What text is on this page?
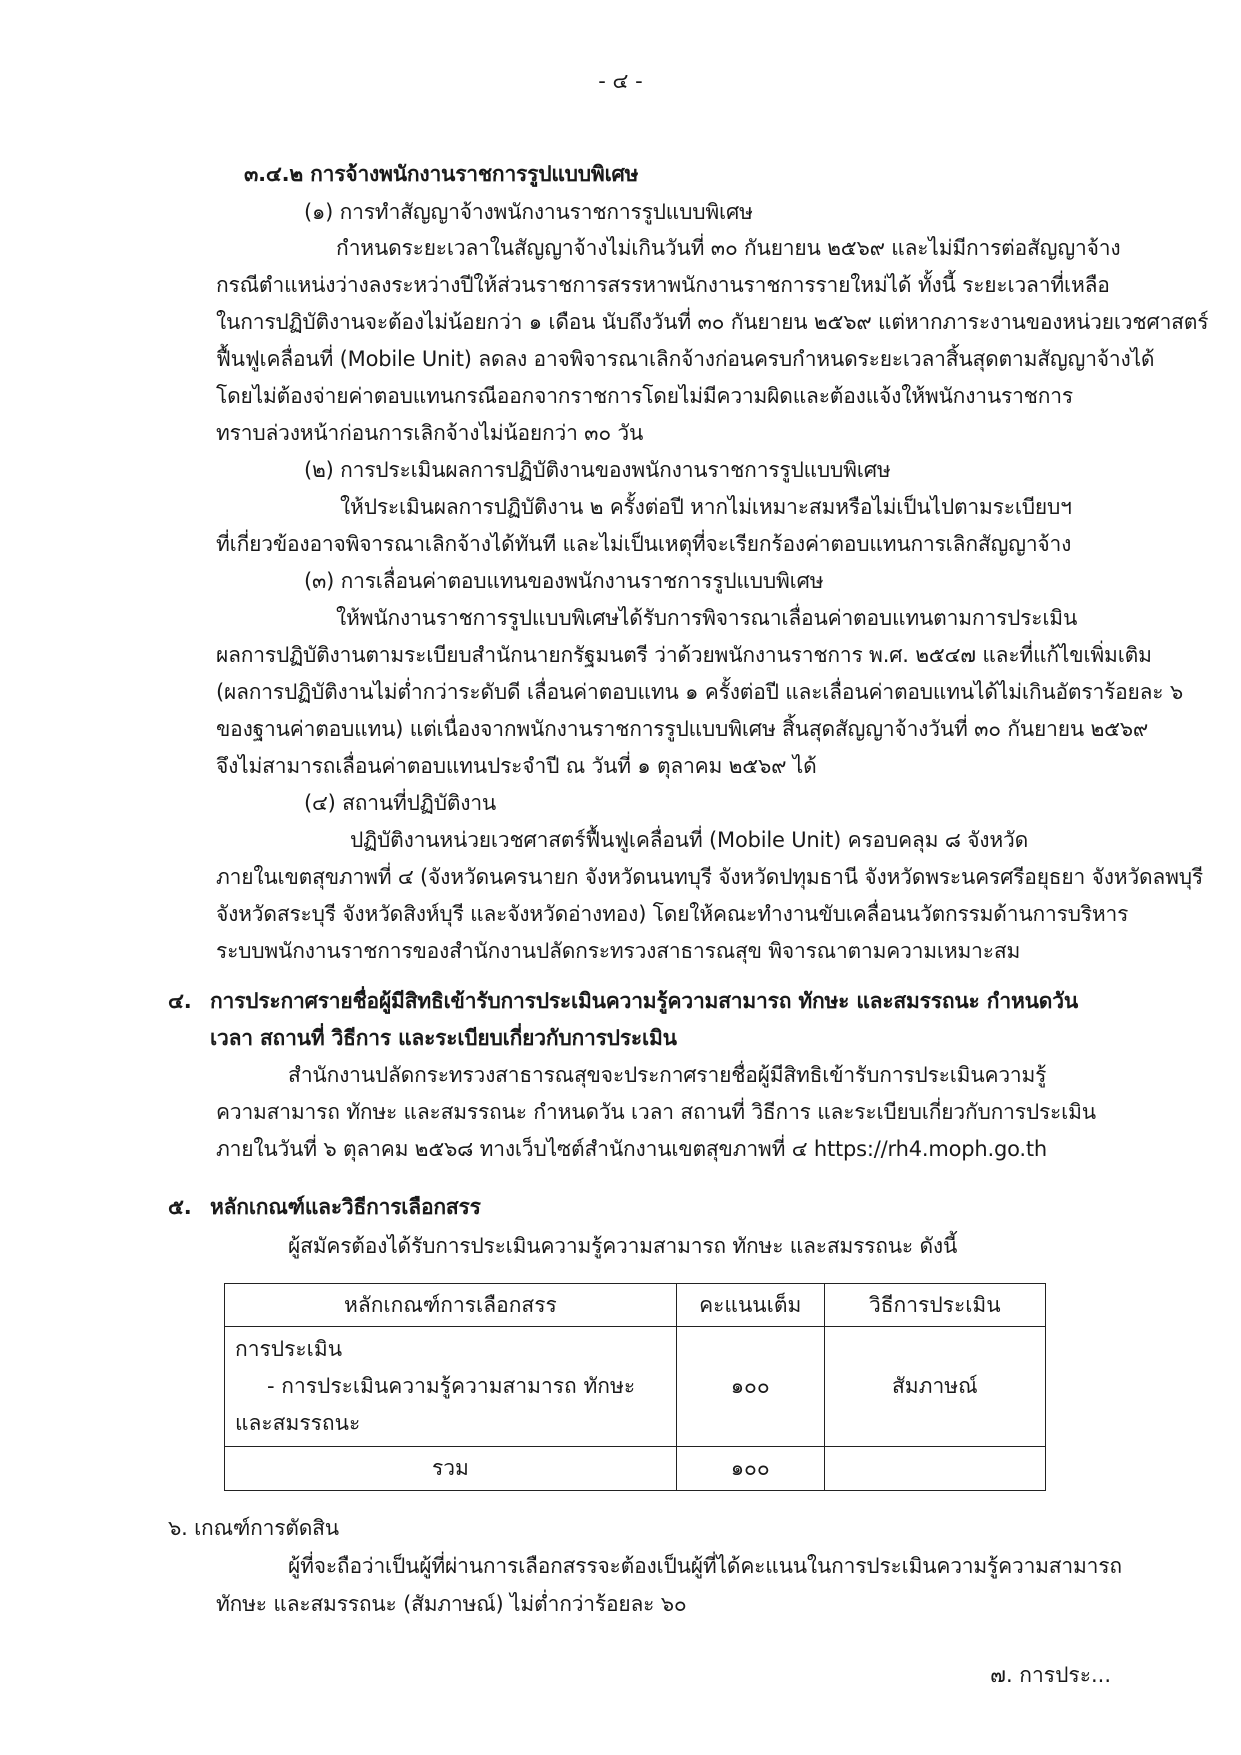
- ๔ -

๓.๔.๒ การจ้างพนักงานราชการรูปแบบพิเศษ

(๑) การทำสัญญาจ้างพนักงานราชการรูปแบบพิเศษ

กำหนดระยะเวลาในสัญญาจ้างไม่เกินวันที่ ๓๐ กันยายน ๒๕๖๙ และไม่มีการต่อสัญญาจ้าง

กรณีตำแหน่งว่างลงระหว่างปีให้ส่วนราชการสรรหาพนักงานราชการรายใหม่ได้ ทั้งนี้ ระยะเวลาที่เหลือ

ในการปฏิบัติงานจะต้องไม่น้อยกว่า ๑ เดือน นับถึงวันที่ ๓๐ กันยายน ๒๕๖๙ แต่หากภาระงานของหน่วยเวชศาสตร์

ฟื้นฟูเคลื่อนที่ (Mobile Unit) ลดลง อาจพิจารณาเลิกจ้างก่อนครบกำหนดระยะเวลาสิ้นสุดตามสัญญาจ้างได้

โดยไม่ต้องจ่ายค่าตอบแทนกรณีออกจากราชการโดยไม่มีความผิดและต้องแจ้งให้พนักงานราชการ

ทราบล่วงหน้าก่อนการเลิกจ้างไม่น้อยกว่า ๓๐ วัน

(๒) การประเมินผลการปฏิบัติงานของพนักงานราชการรูปแบบพิเศษ

ให้ประเมินผลการปฏิบัติงาน ๒ ครั้งต่อปี หากไม่เหมาะสมหรือไม่เป็นไปตามระเบียบฯ

ที่เกี่ยวข้องอาจพิจารณาเลิกจ้างได้ทันที และไม่เป็นเหตุที่จะเรียกร้องค่าตอบแทนการเลิกสัญญาจ้าง

(๓) การเลื่อนค่าตอบแทนของพนักงานราชการรูปแบบพิเศษ

ให้พนักงานราชการรูปแบบพิเศษได้รับการพิจารณาเลื่อนค่าตอบแทนตามการประเมิน

ผลการปฏิบัติงานตามระเบียบสำนักนายกรัฐมนตรี ว่าด้วยพนักงานราชการ พ.ศ. ๒๕๔๗ และที่แก้ไขเพิ่มเติม

(ผลการปฏิบัติงานไม่ต่ำกว่าระดับดี เลื่อนค่าตอบแทน ๑ ครั้งต่อปี และเลื่อนค่าตอบแทนได้ไม่เกินอัตราร้อยละ ๖

ของฐานค่าตอบแทน) แต่เนื่องจากพนักงานราชการรูปแบบพิเศษ สิ้นสุดสัญญาจ้างวันที่ ๓๐ กันยายน ๒๕๖๙

จึงไม่สามารถเลื่อนค่าตอบแทนประจำปี ณ วันที่ ๑ ตุลาคม ๒๕๖๙ ได้

(๔) สถานที่ปฏิบัติงาน

ปฏิบัติงานหน่วยเวชศาสตร์ฟื้นฟูเคลื่อนที่ (Mobile Unit) ครอบคลุม ๘ จังหวัด

ภายในเขตสุขภาพที่ ๔ (จังหวัดนครนายก จังหวัดนนทบุรี จังหวัดปทุมธานี จังหวัดพระนครศรีอยุธยา จังหวัดลพบุรี

จังหวัดสระบุรี จังหวัดสิงห์บุรี และจังหวัดอ่างทอง) โดยให้คณะทำงานขับเคลื่อนนวัตกรรมด้านการบริหาร

ระบบพนักงานราชการของสำนักงานปลัดกระทรวงสาธารณสุข พิจารณาตามความเหมาะสม

๔. การประกาศรายชื่อผู้มีสิทธิเข้ารับการประเมินความรู้ความสามารถ ทักษะ และสมรรถนะ กำหนดวัน

เวลา สถานที่ วิธีการ และระเบียบเกี่ยวกับการประเมิน

สำนักงานปลัดกระทรวงสาธารณสุขจะประกาศรายชื่อผู้มีสิทธิเข้ารับการประเมินความรู้

ความสามารถ ทักษะ และสมรรถนะ กำหนดวัน เวลา สถานที่ วิธีการ และระเบียบเกี่ยวกับการประเมิน

ภายในวันที่ ๖ ตุลาคม ๒๕๖๘ ทางเว็บไซต์สำนักงานเขตสุขภาพที่ ๔ https://rh4.moph.go.th

๕. หลักเกณฑ์และวิธีการเลือกสรร

ผู้สมัครต้องได้รับการประเมินความรู้ความสามารถ ทักษะ และสมรรถนะ ดังนี้

หลักเกณฑ์การเลือกสรร	คะแนนเต็ม	วิธีการประเมิน

การประเมิน
- การประเมินความรู้ความสามารถ ทักษะ
และสมรรถนะ	๑๐๐	สัมภาษณ์
รวม	๑๐๐	

๖. เกณฑ์การตัดสิน

ผู้ที่จะถือว่าเป็นผู้ที่ผ่านการเลือกสรรจะต้องเป็นผู้ที่ได้คะแนนในการประเมินความรู้ความสามารถ

ทักษะ และสมรรถนะ (สัมภาษณ์) ไม่ต่ำกว่าร้อยละ ๖๐

๗. การประ...
